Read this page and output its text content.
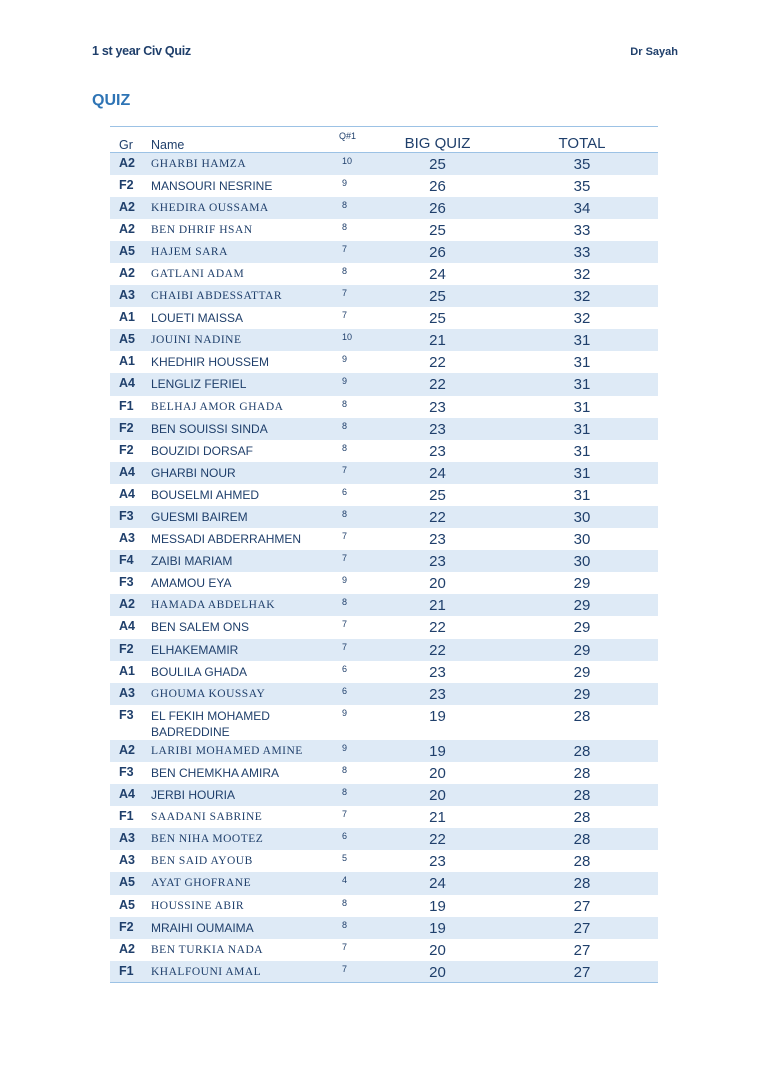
1 st year Civ Quiz	Dr Sayah
QUIZ
Gr	Name	Q#1	BIG QUIZ	TOTAL
A2	GHARBI HAMZA	10	25	35
F2	MANSOURI NESRINE	9	26	35
A2	KHEDIRA OUSSAMA	8	26	34
A2	BEN DHRIF HSAN	8	25	33
A5	HAJEM SARA	7	26	33
A2	GATLANI ADAM	8	24	32
A3	CHAIBI ABDESSATTAR	7	25	32
A1	LOUETI MAISSA	7	25	32
A5	JOUINI NADINE	10	21	31
A1	KHEDHIR HOUSSEM	9	22	31
A4	LENGLIZ FERIEL	9	22	31
F1	BELHAJ AMOR GHADA	8	23	31
F2	BEN SOUISSI SINDA	8	23	31
F2	BOUZIDI DORSAF	8	23	31
A4	GHARBI NOUR	7	24	31
A4	BOUSELMI AHMED	6	25	31
F3	GUESMI BAIREM	8	22	30
A3	MESSADI ABDERRAHMEN	7	23	30
F4	ZAIBI MARIAM	7	23	30
F3	AMAMOU EYA	9	20	29
A2	HAMADA ABDELHAK	8	21	29
A4	BEN SALEM ONS	7	22	29
F2	ELHAKEMAMIR	7	22	29
A1	BOULILA GHADA	6	23	29
A3	GHOUMA KOUSSAY	6	23	29
F3	EL FEKIH MOHAMED BADREDDINE	9	19	28
A2	LARIBI MOHAMED AMINE	9	19	28
F3	BEN CHEMKHA AMIRA	8	20	28
A4	JERBI HOURIA	8	20	28
F1	SAADANI SABRINE	7	21	28
A3	BEN NIHA MOOTEZ	6	22	28
A3	BEN SAID AYOUB	5	23	28
A5	AYAT GHOFRANE	4	24	28
A5	HOUSSINE ABIR	8	19	27
F2	MRAIHI OUMAIMA	8	19	27
A2	BEN TURKIA NADA	7	20	27
F1	KHALFOUNI AMAL	7	20	27
